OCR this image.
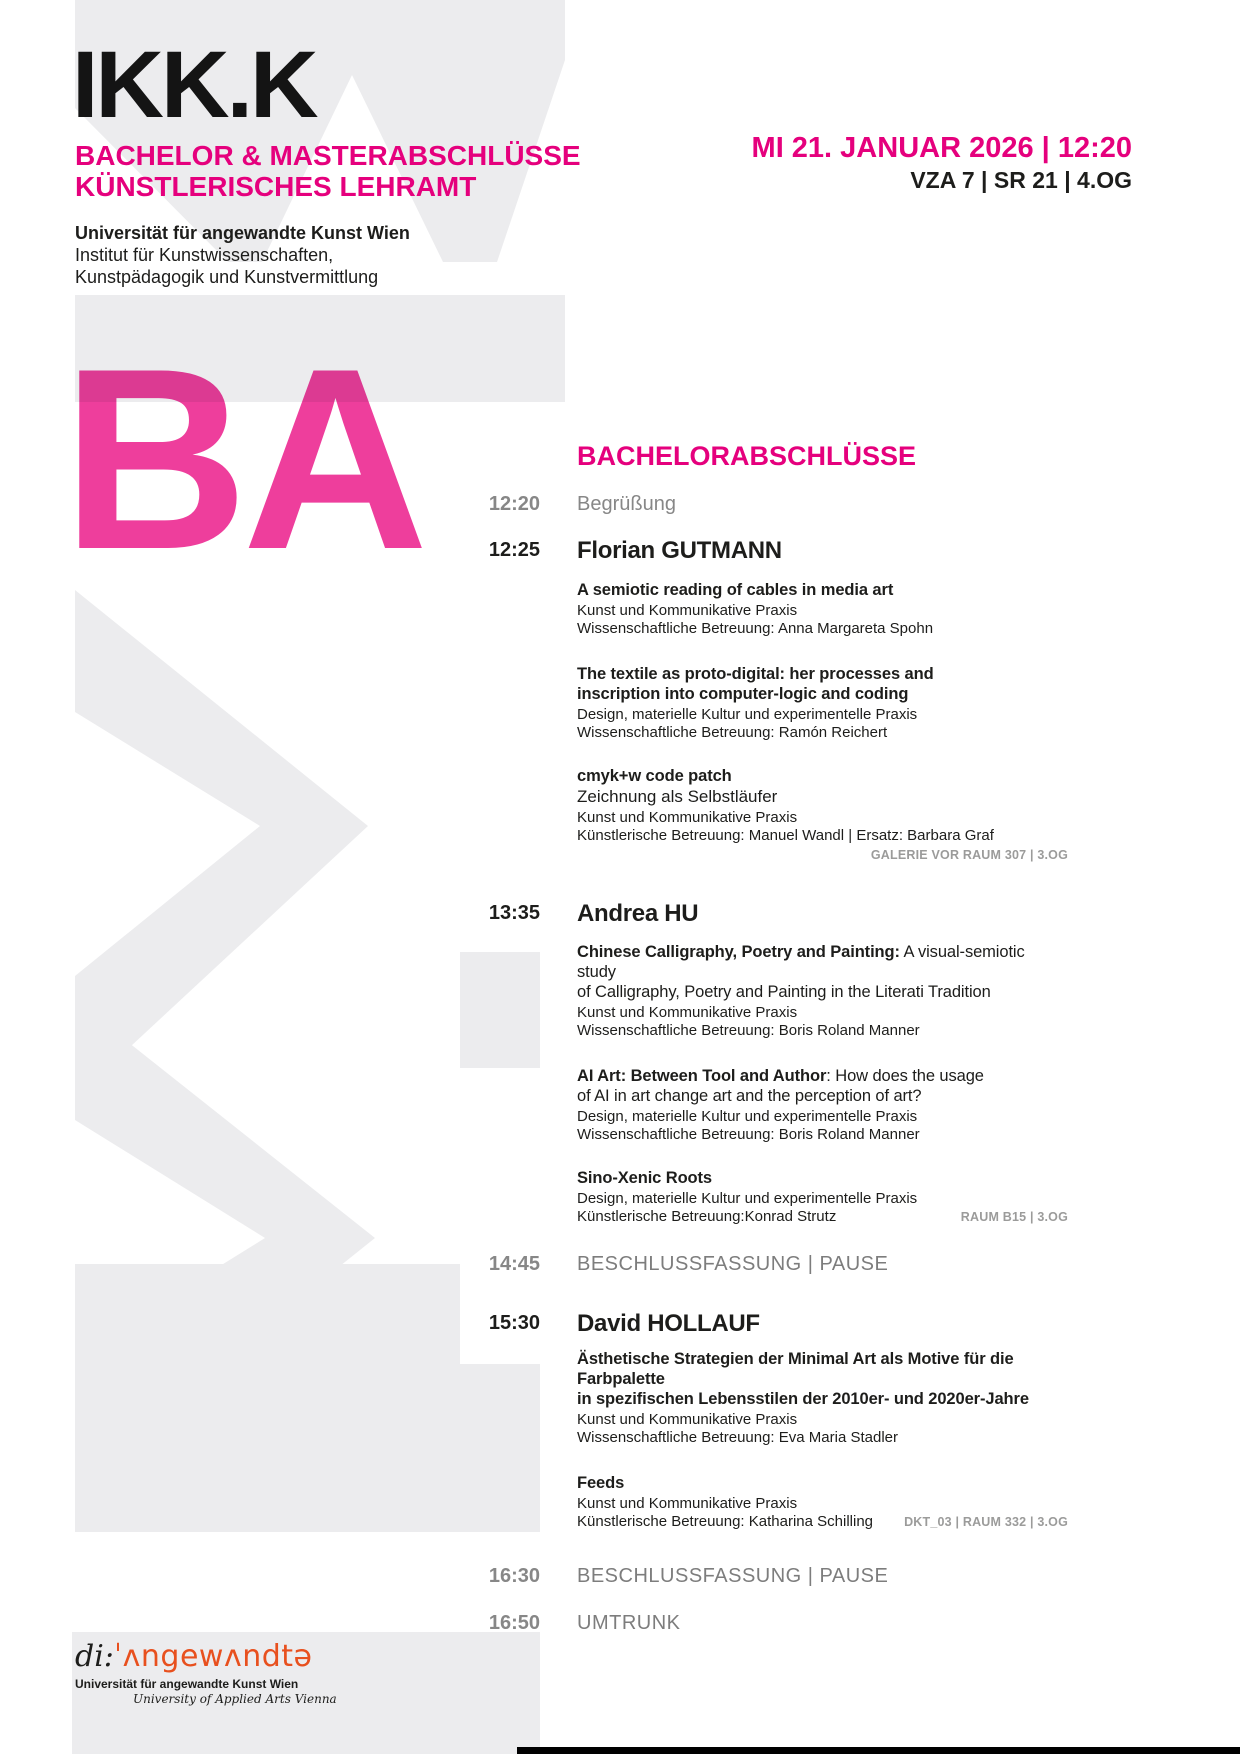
IKK.K
BACHELOR & MASTERABSCHLÜSSE
KÜNSTLERISCHES LEHRAMT
Universität für angewandte Kunst Wien
Institut für Kunstwissenschaften,
Kunstpädagogik und Kunstvermittlung
MI 21. JANUAR 2026 | 12:20
VZA 7 | SR 21 | 4.OG
BA	BACHELORABSCHLÜSSE
12:20 Begrüßung
12:25 Florian GUTMANN
A semiotic reading of cables in media art
Kunst und Kommunikative Praxis
Wissenschaftliche Betreuung: Anna Margareta Spohn
The textile as proto-digital: her processes and
inscription into computer-logic and coding
Design, materielle Kultur und experimentelle Praxis
Wissenschaftliche Betreuung: Ramón Reichert
cmyk+w code patch
Zeichnung als Selbstläufer
Kunst und Kommunikative Praxis
Künstlerische Betreuung: Manuel Wandl | Ersatz: Barbara Graf
GALERIE VOR RAUM 307 | 3.OG
13:35 Andrea HU
Chinese Calligraphy, Poetry and Painting: A visual-semiotic study
of Calligraphy, Poetry and Painting in the Literati Tradition
Kunst und Kommunikative Praxis
Wissenschaftliche Betreuung: Boris Roland Manner
AI Art: Between Tool and Author: How does the usage
of AI in art change art and the perception of art?
Design, materielle Kultur und experimentelle Praxis
Wissenschaftliche Betreuung: Boris Roland Manner
Sino-Xenic Roots
Design, materielle Kultur und experimentelle Praxis
Künstlerische Betreuung:Konrad Strutz	RAUM B15 | 3.OG
14:45 BESCHLUSSFASSUNG | PAUSE
15:30 David HOLLAUF
Ästhetische Strategien der Minimal Art als Motive für die Farbpalette
in spezifischen Lebensstilen der 2010er- und 2020er-Jahre
Kunst und Kommunikative Praxis
Wissenschaftliche Betreuung: Eva Maria Stadler
Feeds
Kunst und Kommunikative Praxis
Künstlerische Betreuung: Katharina Schilling DKT_03 | RAUM 332 | 3.OG
16:30 BESCHLUSSFASSUNG | PAUSE
16:50 UMTRUNK
di:ˈʌngewʌndtə
Universität für angewandte Kunst Wien
University of Applied Arts Vienna
